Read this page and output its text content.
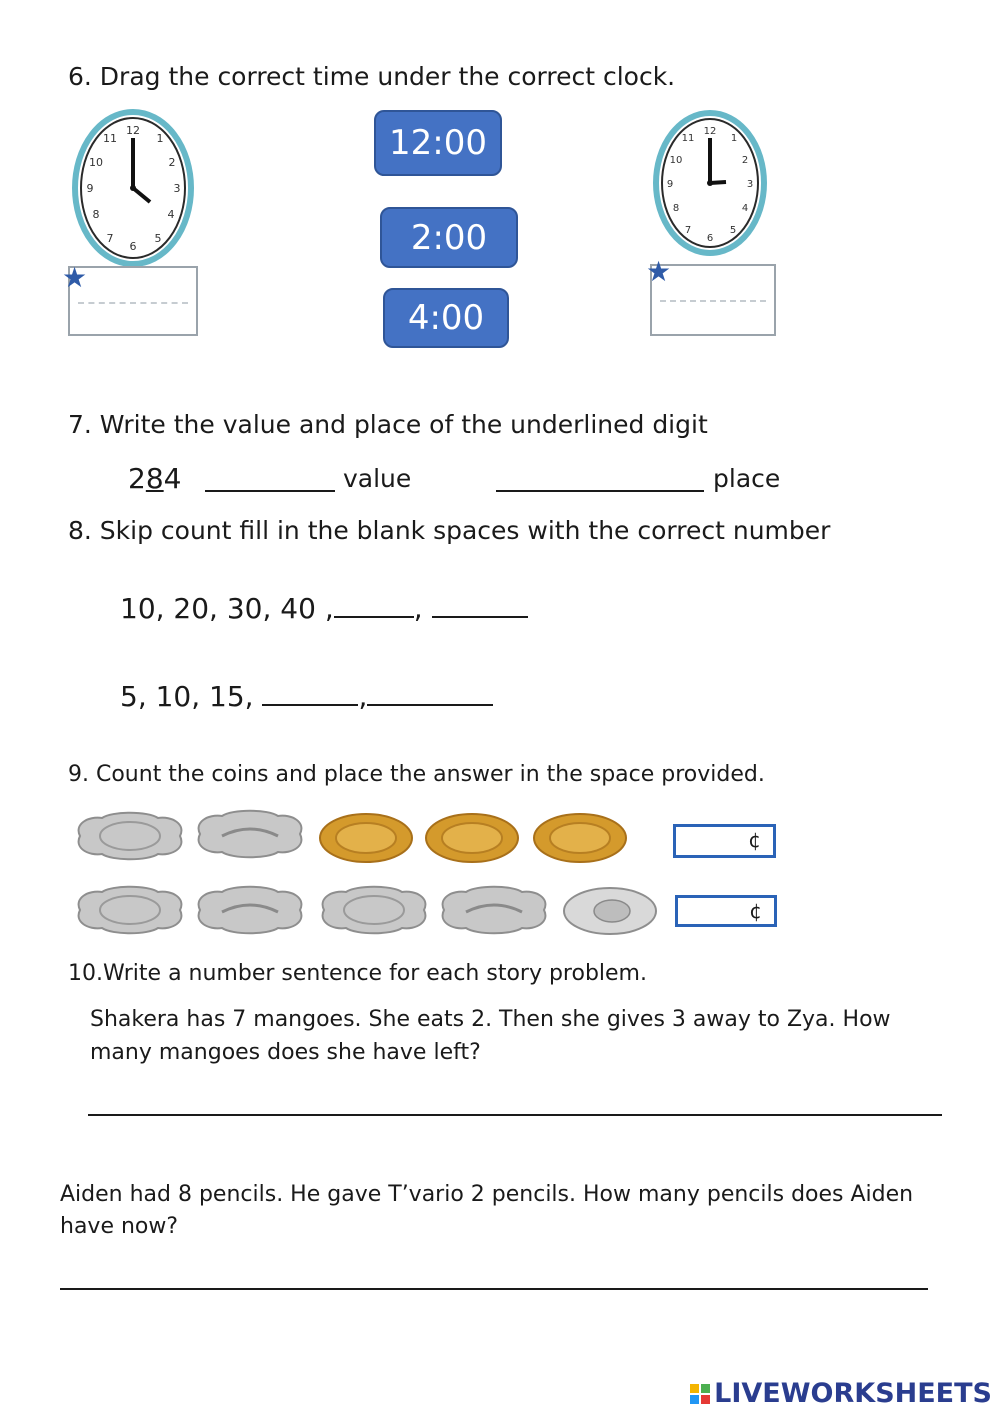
6. Drag the correct time under the correct clock.
12
1
2
3
4
5
6
7
8
9
10
11
★
12:00
2:00
4:00
12
1
2
3
4
5
6
7
8
9
10
11
★
7. Write the value and place of the underlined digit
284	value	place
8. Skip count fill in the blank spaces with the correct number
10, 20, 30, 40 ,	,
5, 10, 15,	,
9. Count the coins and place the answer in the space provided.
¢
¢
10.Write a number sentence for each story problem.
Shakera has 7 mangoes. She eats 2. Then she gives 3 away to Zya. How
many mangoes does she have left?
Aiden had 8 pencils. He gave T’vario 2 pencils. How many pencils does Aiden
have now?
LIVEWORKSHEETS
